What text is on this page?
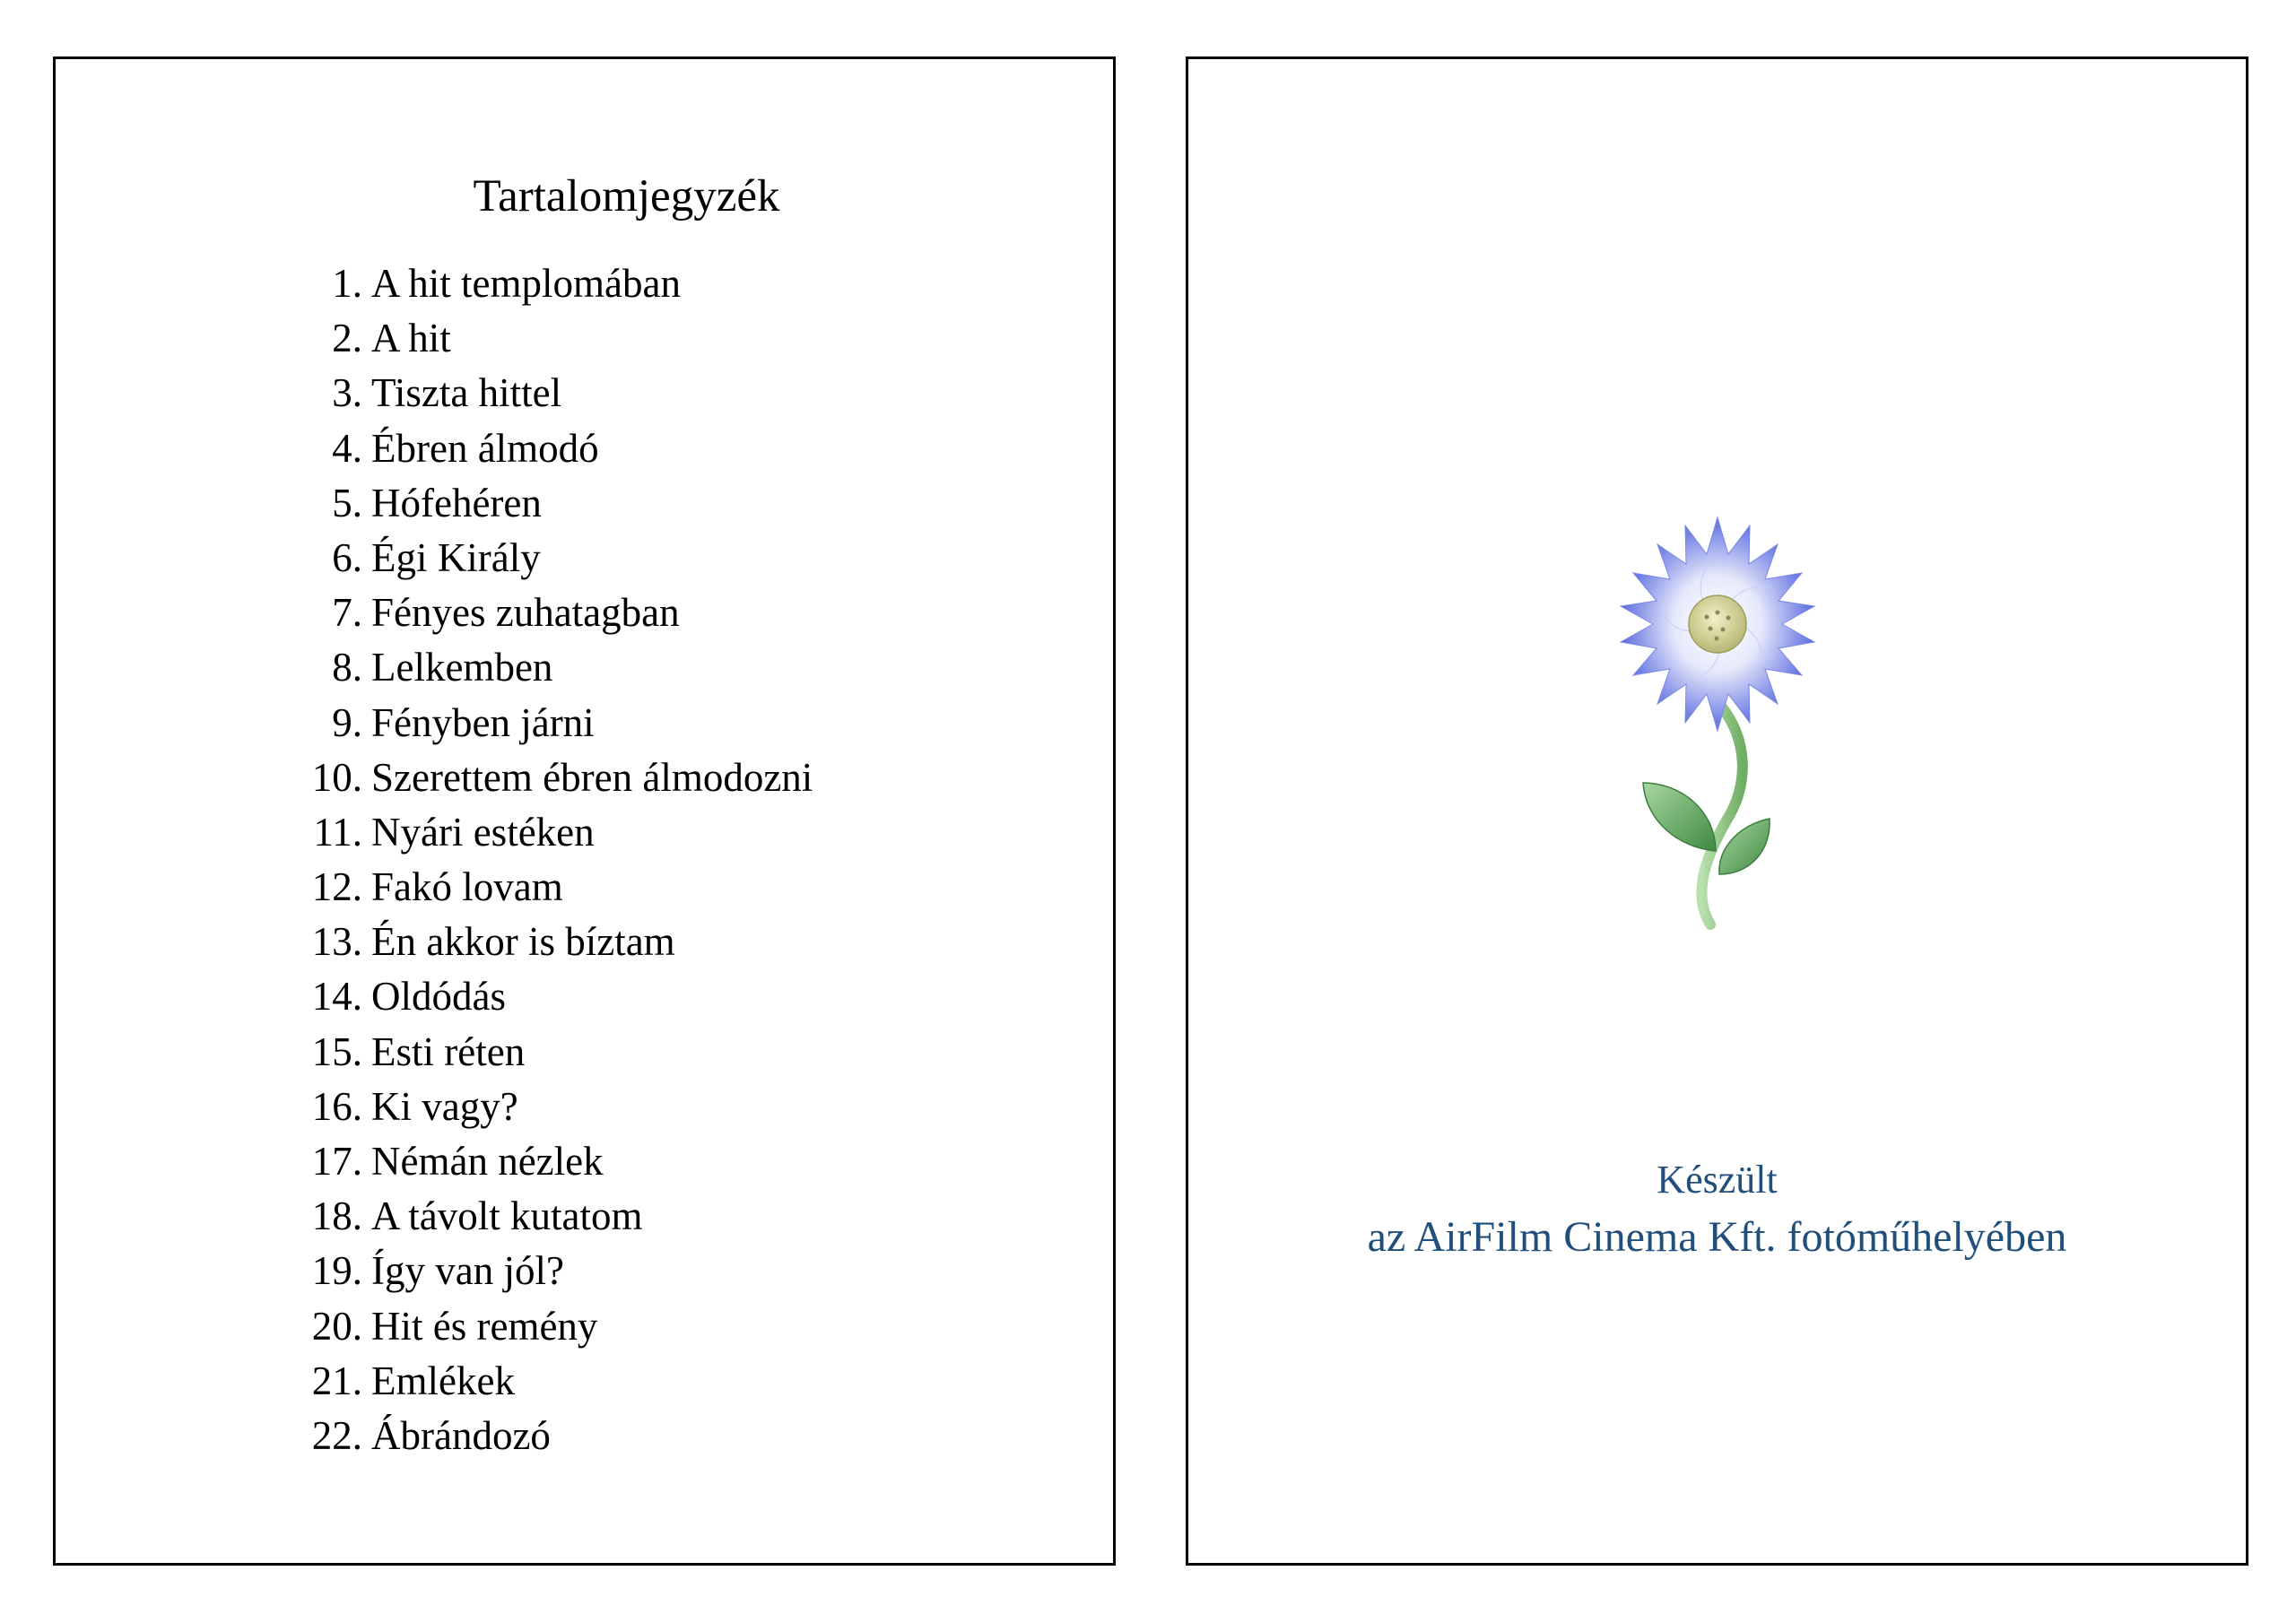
Tartalomjegyzék
1. A hit templomában
2. A hit
3. Tiszta hittel
4. Ébren álmodó
5. Hófehéren
6. Égi Király
7. Fényes zuhatagban
8. Lelkemben
9. Fényben járni
10. Szerettem ébren álmodozni
11. Nyári estéken
12. Fakó lovam
13. Én akkor is bíztam
14. Oldódás
15. Esti réten
16. Ki vagy?
17. Némán nézlek
18. A távolt kutatom
19. Így van jól?
20. Hit és remény
21. Emlékek
22. Ábrándozó
Készült
az AirFilm Cinema Kft. fotóműhelyében
